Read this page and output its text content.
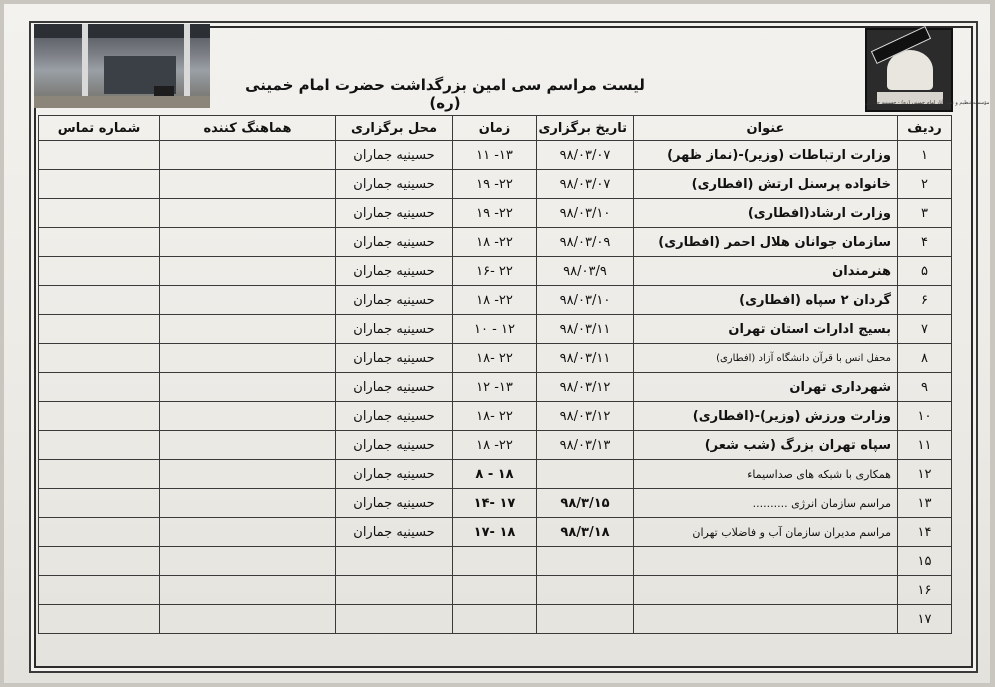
مؤسسه تنظیم و نشر آثار امام خمینی (ره) - حسینیه جماران
لیست مراسم سی امین بزرگداشت حضرت امام خمینی (ره)
ردیف	عنوان	تاریخ برگزاری	زمان	محل برگزاری	هماهنگ کننده	شماره تماس
۱	وزارت ارتباطات (وزیر)-(نماز ظهر)	۹۸/۰۳/۰۷	۱۳- ۱۱	حسینیه جماران		
۲	خانواده پرسنل ارتش (افطاری)	۹۸/۰۳/۰۷	۲۲- ۱۹	حسینیه جماران		
۳	وزارت ارشاد(افطاری)	۹۸/۰۳/۱۰	۲۲- ۱۹	حسینیه جماران		
۴	سازمان جوانان هلال احمر (افطاری)	۹۸/۰۳/۰۹	۲۲- ۱۸	حسینیه جماران		
۵	هنرمندان	۹۸/۰۳/۹	۲۲ -۱۶	حسینیه جماران		
۶	گردان ۲ سپاه (افطاری)	۹۸/۰۳/۱۰	۲۲- ۱۸	حسینیه جماران		
۷	بسیج ادارات استان تهران	۹۸/۰۳/۱۱	۱۲ - ۱۰	حسینیه جماران		
۸	محفل انس با قرآن دانشگاه آزاد (افطاری)	۹۸/۰۳/۱۱	۲۲ -۱۸	حسینیه جماران		
۹	شهرداری تهران	۹۸/۰۳/۱۲	۱۳- ۱۲	حسینیه جماران		
۱۰	وزارت ورزش (وزیر)-(افطاری)	۹۸/۰۳/۱۲	۲۲ -۱۸	حسینیه جماران		
۱۱	سپاه تهران بزرگ (شب شعر)	۹۸/۰۳/۱۳	۲۲- ۱۸	حسینیه جماران		
۱۲	همکاری با شبکه های صداسیماء		۱۸ - ۸	حسینیه جماران		
۱۳	مراسم سازمان انرژی ..........	۹۸/۳/۱۵	۱۷ -۱۴	حسینیه جماران		
۱۴	مراسم مدیران سازمان آب و فاضلاب تهران	۹۸/۳/۱۸	۱۸ -۱۷	حسینیه جماران		
۱۵						
۱۶						
۱۷						
